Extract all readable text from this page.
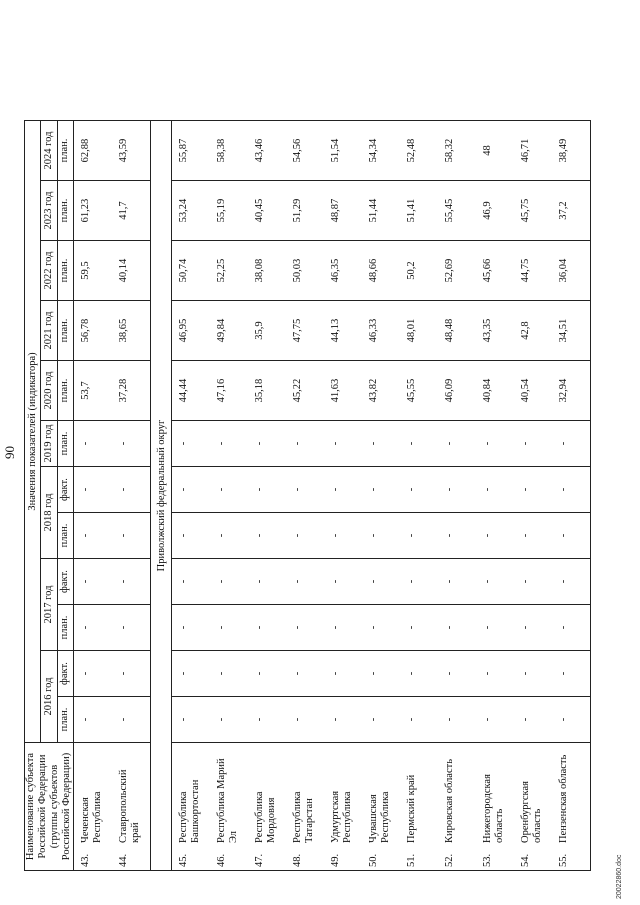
90
Наименование субъекта Российской Федерации (группы субъектов Российской Федерации)	Значения показателей (индикатора)											
	2016 год		2017 год		2018 год		2019 год	2020 год	2021 год	2022 год	2023 год	2024 год
	план.	факт.	план.	факт.	план.	факт.	план.	план.	план.	план.	план.	план.
43.Чеченская Республика	-	-	-	-	-	-	-	53,7	56,78	59,5	61,23	62,88
44.Ставропольский край	-	-	-	-	-	-	-	37,28	38,65	40,14	41,7	43,59
Приволжский федеральный округ												
45.Республика Башкортостан	-	-	-	-	-	-	-	44,44	46,95	50,74	53,24	55,87
46.Республика Марий Эл	-	-	-	-	-	-	-	47,16	49,84	52,25	55,19	58,38
47.Республика Мордовия	-	-	-	-	-	-	-	35,18	35,9	38,08	40,45	43,46
48.Республика Татарстан	-	-	-	-	-	-	-	45,22	47,75	50,03	51,29	54,56
49.Удмуртская Республика	-	-	-	-	-	-	-	41,63	44,13	46,35	48,87	51,54
50.Чувашская Республика	-	-	-	-	-	-	-	43,82	46,33	48,66	51,44	54,34
51.Пермский край	-	-	-	-	-	-	-	45,55	48,01	50,2	51,41	52,48
52.Кировская область	-	-	-	-	-	-	-	46,09	48,48	52,69	55,45	58,32
53.Нижегородская область	-	-	-	-	-	-	-	40,84	43,35	45,66	46,9	48
54.Оренбургская область	-	-	-	-	-	-	-	40,54	42,8	44,75	45,75	46,71
55.Пензенская область	-	-	-	-	-	-	-	32,94	34,51	36,04	37,2	38,49
20022860.doc
